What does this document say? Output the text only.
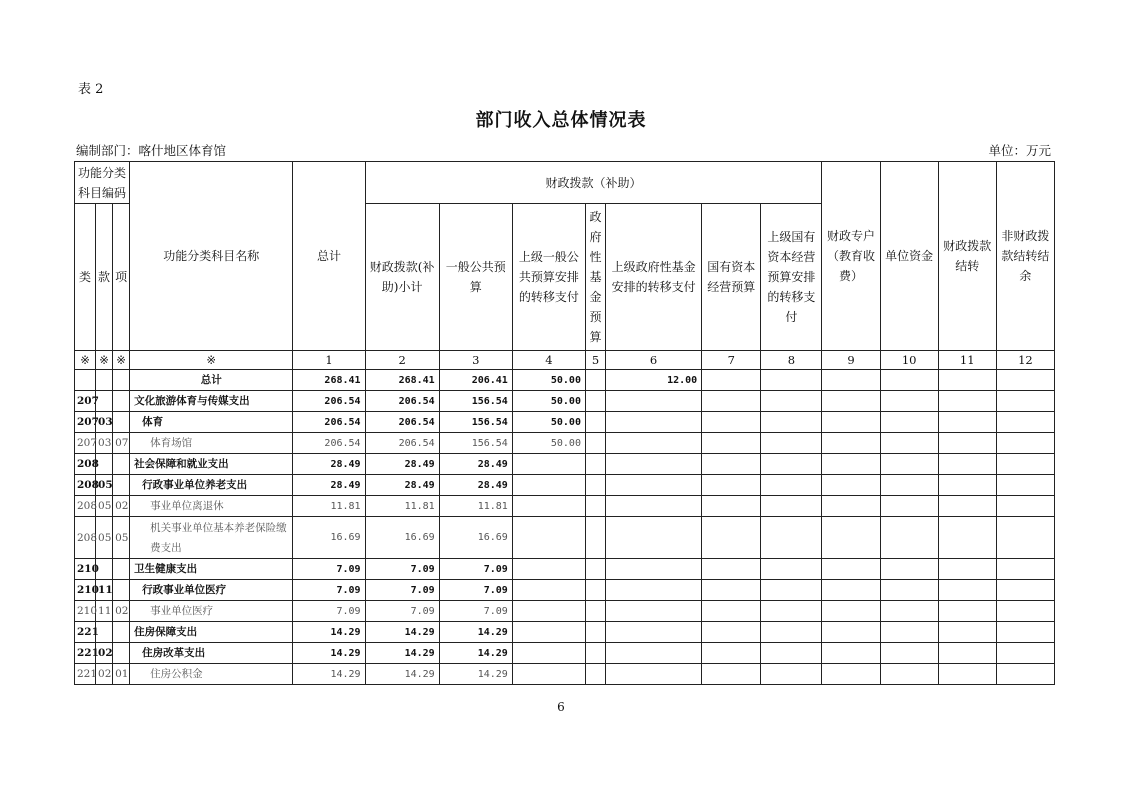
表 2
部门收入总体情况表
编制部门：喀什地区体育馆	单位：万元
功能分类科目编码			功能分类科目名称	总计	财政拨款（补助）							财政专户（教育收费）	单位资金	财政拨款结转	非财政拨款结转结余
类	款	项			财政拨款(补助)小计	一般公共预算	上级一般公共预算安排的转移支付	政府性基金预算	上级政府性基金安排的转移支付	国有资本经营预算	上级国有资本经营预算安排的转移支付				
※	※	※	※	1	2	3	4	5	6	7	8	9	10	11	12
			总计	268.41	268.41	206.41	50.00		12.00						
207			文化旅游体育与传媒支出	206.54	206.54	156.54	50.00								
207	03		体育	206.54	206.54	156.54	50.00								
207	03	07	体育场馆	206.54	206.54	156.54	50.00								
208			社会保障和就业支出	28.49	28.49	28.49									
208	05		行政事业单位养老支出	28.49	28.49	28.49									
208	05	02	事业单位离退休	11.81	11.81	11.81									
208	05	05	机关事业单位基本养老保险缴费支出	16.69	16.69	16.69									
210			卫生健康支出	7.09	7.09	7.09									
210	11		行政事业单位医疗	7.09	7.09	7.09									
210	11	02	事业单位医疗	7.09	7.09	7.09									
221			住房保障支出	14.29	14.29	14.29									
221	02		住房改革支出	14.29	14.29	14.29									
221	02	01	住房公积金	14.29	14.29	14.29									
6
